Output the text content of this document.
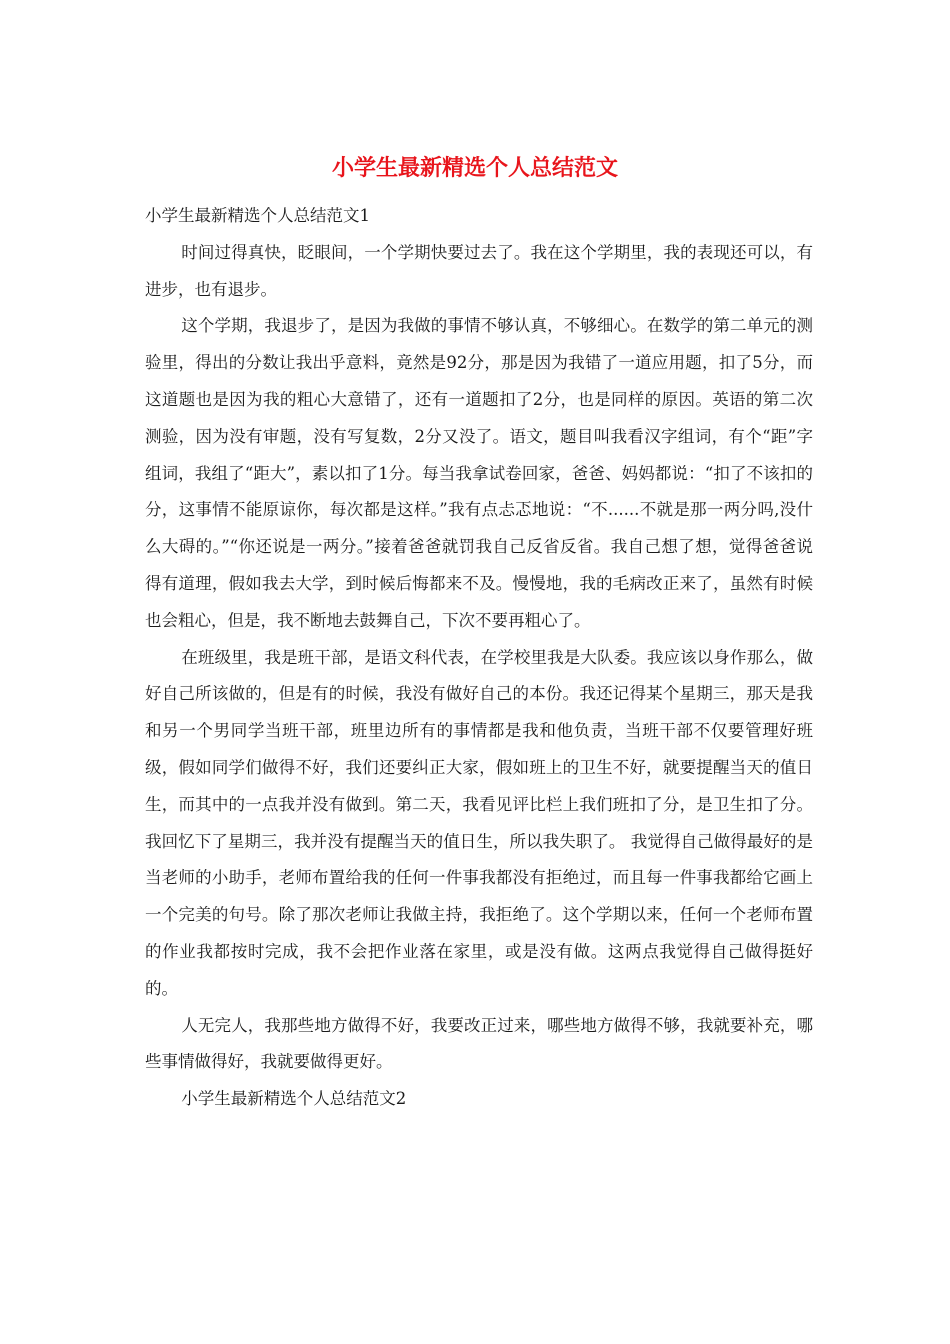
小学生最新精选个人总结范文

小学生最新精选个人总结范文1

时间过得真快，眨眼间，一个学期快要过去了。我在这个学期里，我的表现还可以，有进步，也有退步。

这个学期，我退步了，是因为我做的事情不够认真，不够细心。在数学的第二单元的测验里，得出的分数让我出乎意料，竟然是92分，那是因为我错了一道应用题，扣了5分，而这道题也是因为我的粗心大意错了，还有一道题扣了2分，也是同样的原因。英语的第二次测验，因为没有审题，没有写复数，2分又没了。语文，题目叫我看汉字组词，有个“距”字组词，我组了“距大”，素以扣了1分。每当我拿试卷回家，爸爸、妈妈都说：“扣了不该扣的分，这事情不能原谅你，每次都是这样。”我有点忐忑地说：“不......不就是那一两分吗,没什么大碍的。”“你还说是一两分。”接着爸爸就罚我自己反省反省。我自己想了想，觉得爸爸说得有道理，假如我去大学，到时候后悔都来不及。慢慢地，我的毛病改正来了，虽然有时候也会粗心，但是，我不断地去鼓舞自己，下次不要再粗心了。

在班级里，我是班干部，是语文科代表，在学校里我是大队委。我应该以身作那么，做好自己所该做的，但是有的时候，我没有做好自己的本份。我还记得某个星期三，那天是我和另一个男同学当班干部，班里边所有的事情都是我和他负责，当班干部不仅要管理好班级，假如同学们做得不好，我们还要纠正大家，假如班上的卫生不好，就要提醒当天的值日生，而其中的一点我并没有做到。第二天，我看见评比栏上我们班扣了分，是卫生扣了分。我回忆下了星期三，我并没有提醒当天的值日生，所以我失职了。 我觉得自己做得最好的是当老师的小助手，老师布置给我的任何一件事我都没有拒绝过，而且每一件事我都给它画上一个完美的句号。除了那次老师让我做主持，我拒绝了。这个学期以来，任何一个老师布置的作业我都按时完成，我不会把作业落在家里，或是没有做。这两点我觉得自己做得挺好的。

人无完人，我那些地方做得不好，我要改正过来，哪些地方做得不够，我就要补充，哪些事情做得好，我就要做得更好。

小学生最新精选个人总结范文2
